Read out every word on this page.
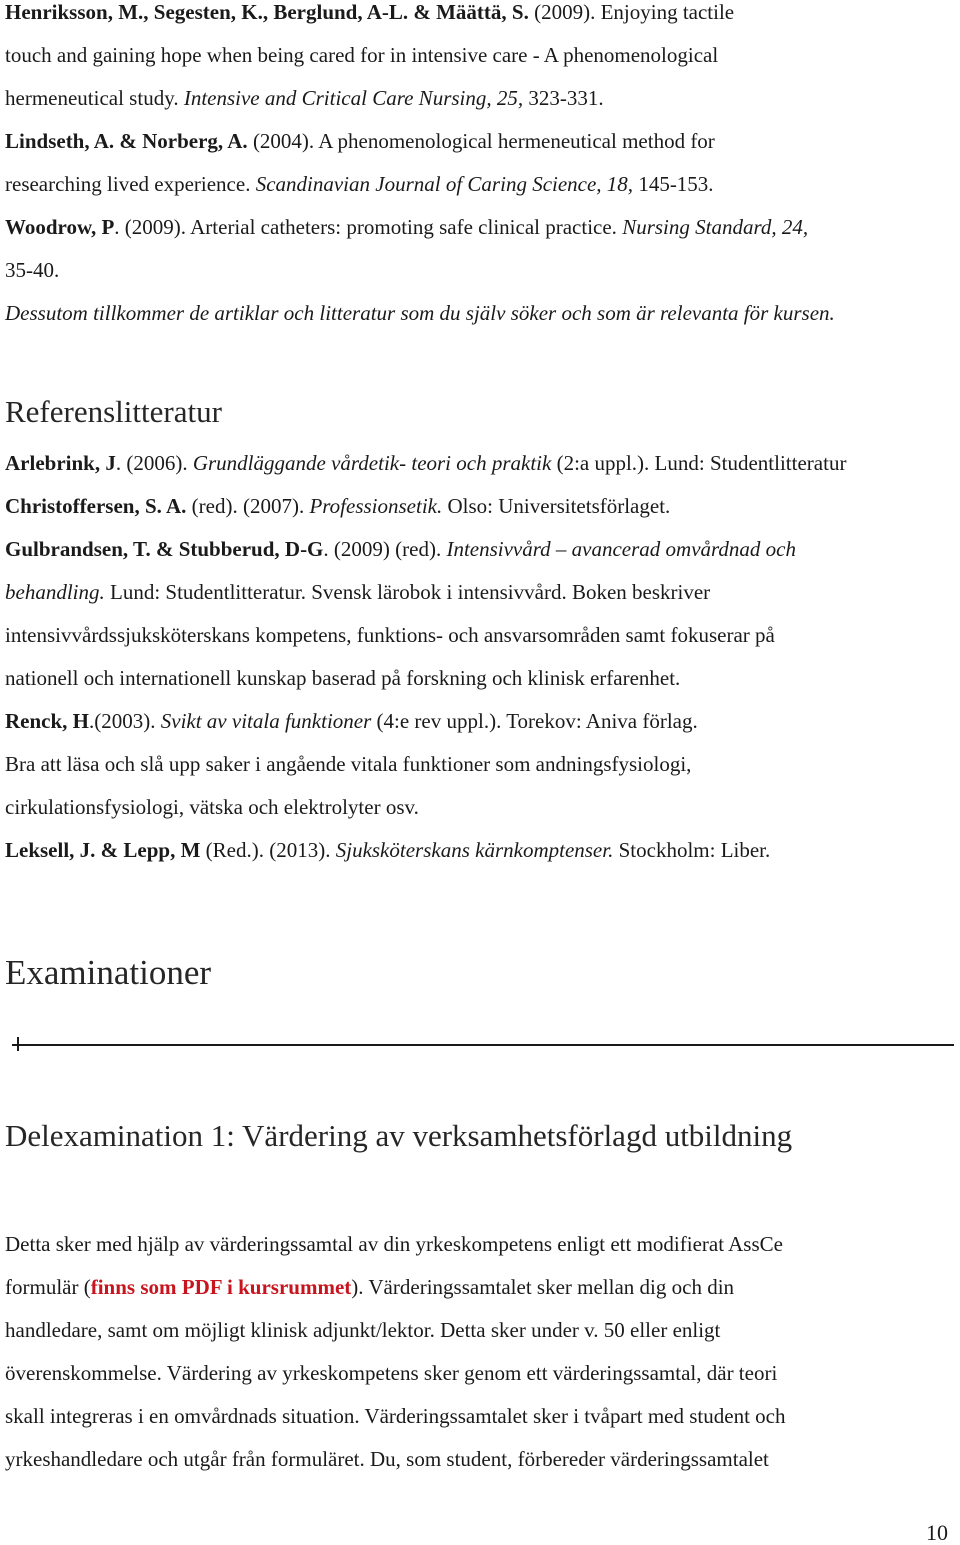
Henriksson, M., Segesten, K., Berglund, A-L. & Määttä, S. (2009). Enjoying tactile
touch and gaining hope when being cared for in intensive care - A phenomenological
hermeneutical study. Intensive and Critical Care Nursing, 25, 323-331.
Lindseth, A. & Norberg, A. (2004). A phenomenological hermeneutical method for
researching lived experience. Scandinavian Journal of Caring Science, 18, 145-153.
Woodrow, P. (2009). Arterial catheters: promoting safe clinical practice. Nursing Standard, 24,
35-40.
Dessutom tillkommer de artiklar och litteratur som du själv söker och som är relevanta för kursen.
Referenslitteratur
Arlebrink, J. (2006). Grundläggande vårdetik- teori och praktik (2:a uppl.). Lund: Studentlitteratur
Christoffersen, S. A. (red). (2007). Professionsetik. Olso: Universitetsförlaget.
Gulbrandsen, T. & Stubberud, D-G. (2009) (red). Intensivvård – avancerad omvårdnad och
behandling. Lund: Studentlitteratur. Svensk lärobok i intensivvård. Boken beskriver
intensivvårdssjuksköterskans kompetens, funktions- och ansvarsområden samt fokuserar på
nationell och internationell kunskap baserad på forskning och klinisk erfarenhet.
Renck, H.(2003). Svikt av vitala funktioner (4:e rev uppl.). Torekov: Aniva förlag.
Bra att läsa och slå upp saker i angående vitala funktioner som andningsfysiologi,
cirkulationsfysiologi, vätska och elektrolyter osv.
Leksell, J. & Lepp, M (Red.). (2013). Sjuksköterskans kärnkomptenser. Stockholm: Liber.
Examinationer
Delexamination 1: Värdering av verksamhetsförlagd utbildning
Detta sker med hjälp av värderingssamtal av din yrkeskompetens enligt ett modifierat AssCe
formulär (finns som PDF i kursrummet). Värderingssamtalet sker mellan dig och din
handledare, samt om möjligt klinisk adjunkt/lektor. Detta sker under v. 50 eller enligt
överenskommelse. Värdering av yrkeskompetens sker genom ett värderingssamtal, där teori
skall integreras i en omvårdnads situation. Värderingssamtalet sker i tvåpart med student och
yrkeshandledare och utgår från formuläret. Du, som student, förbereder värderingssamtalet
10
